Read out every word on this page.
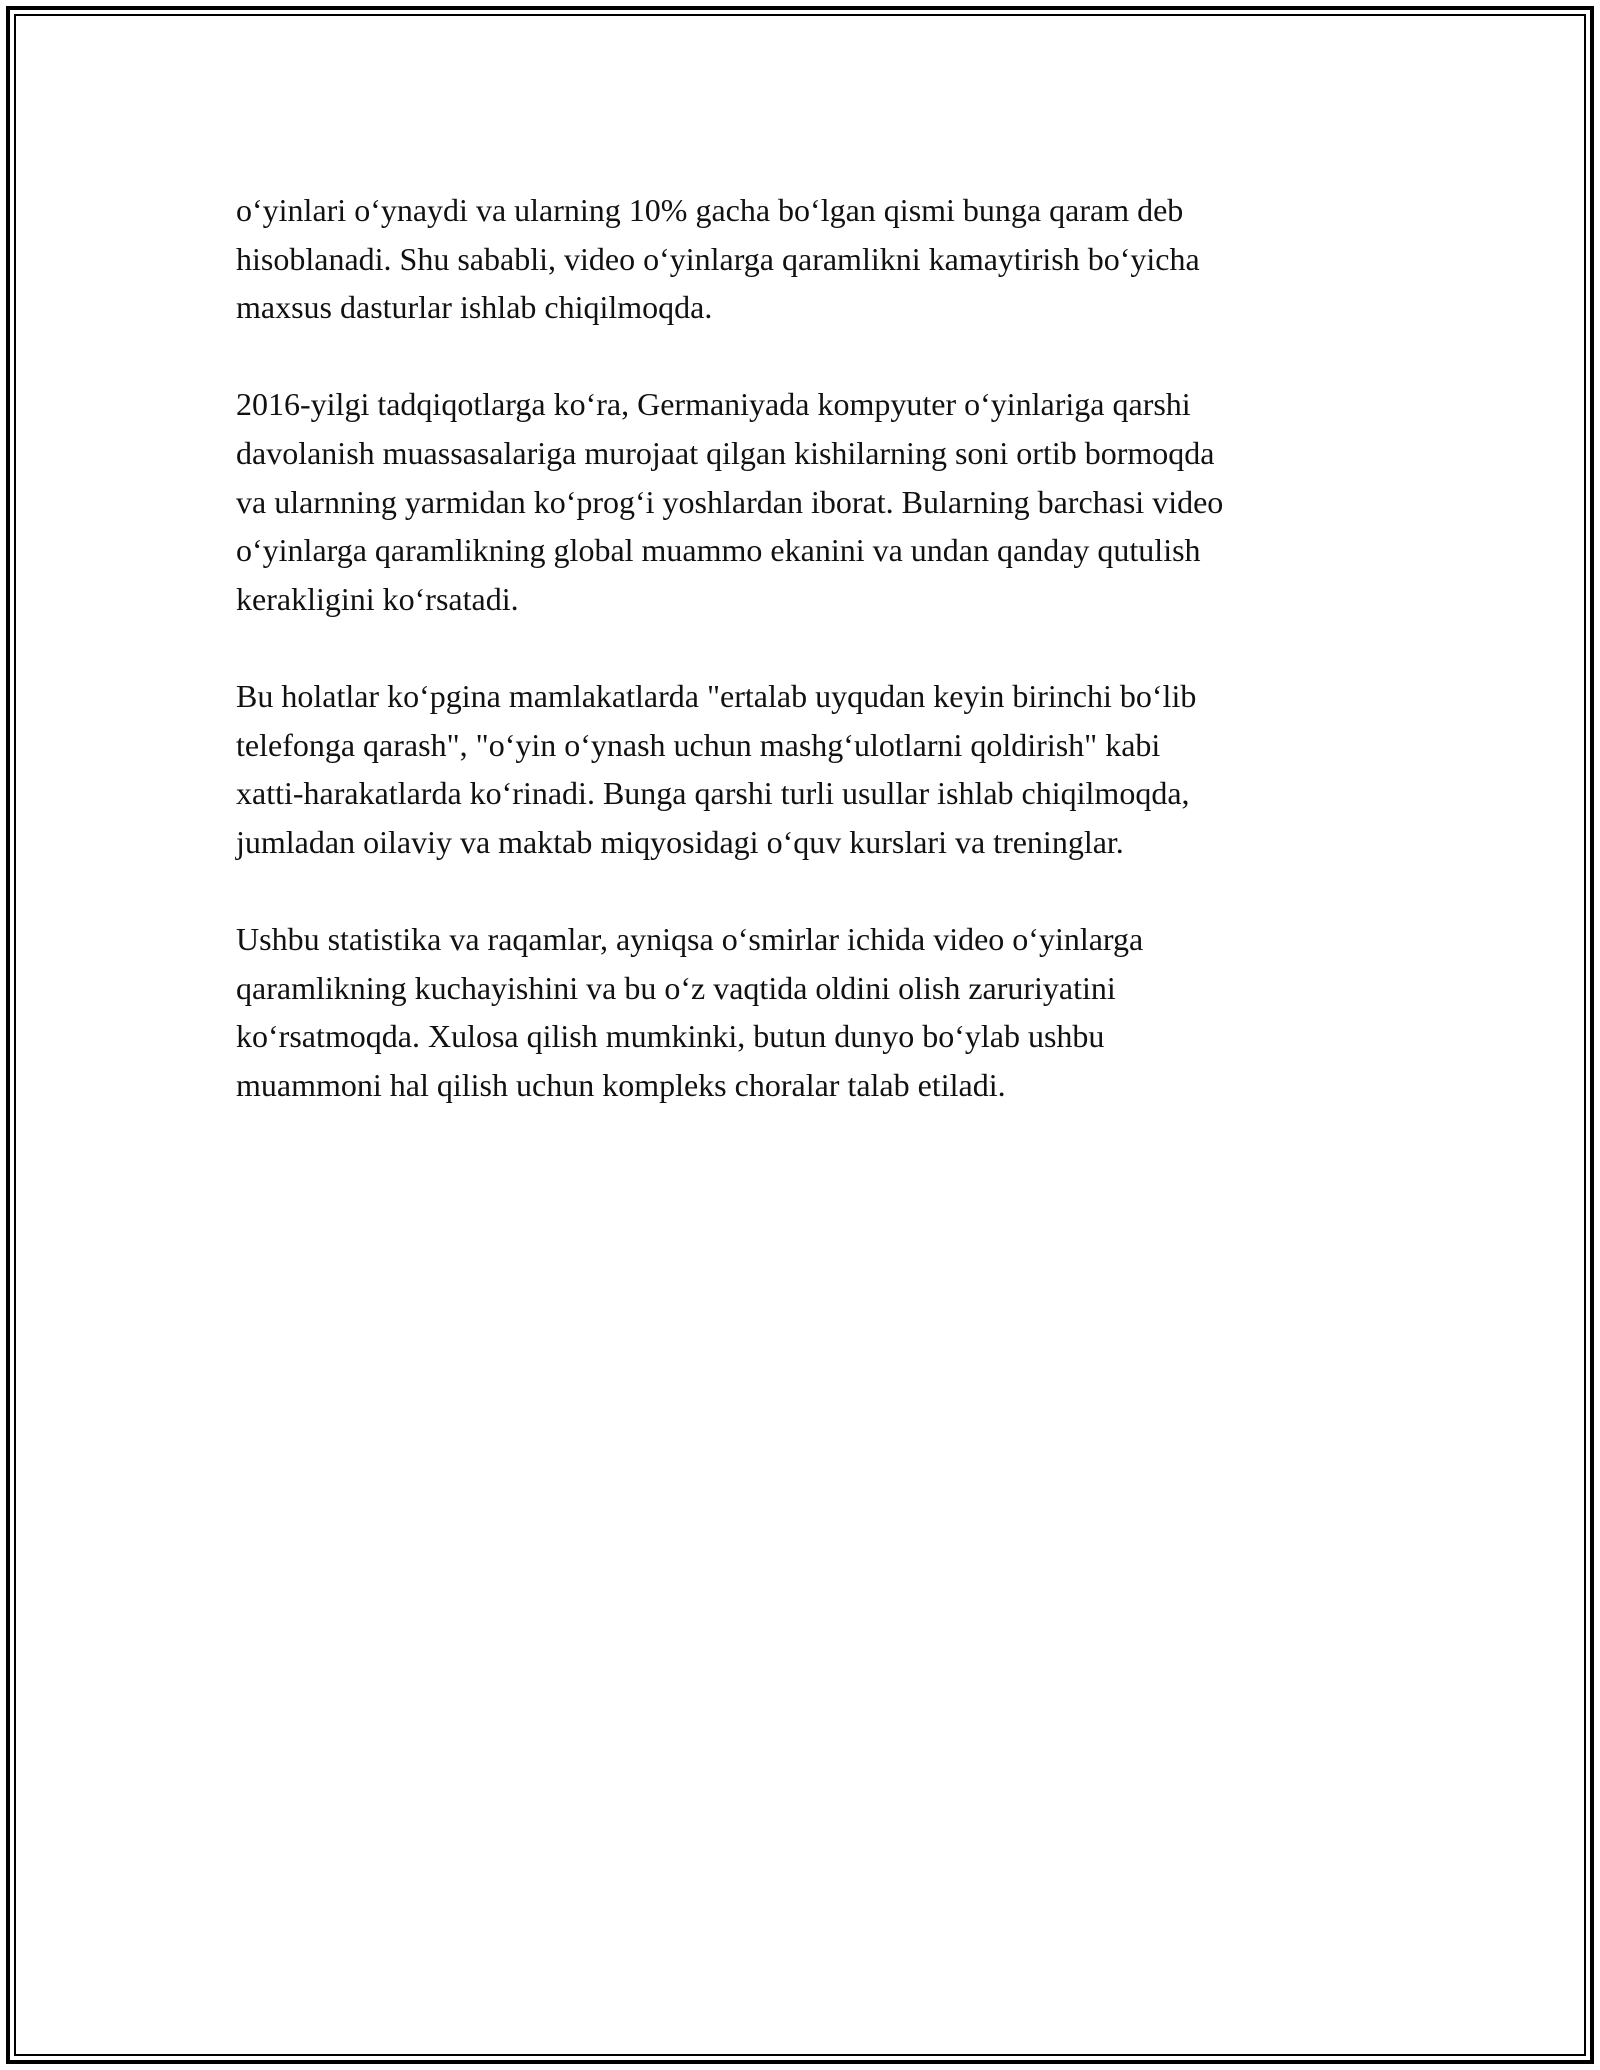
o‘yinlari o‘ynaydi va ularning 10% gacha bo‘lgan qismi bunga qaram deb
hisoblanadi. Shu sababli, video o‘yinlarga qaramlikni kamaytirish bo‘yicha
maxsus dasturlar ishlab chiqilmoqda.

2016-yilgi tadqiqotlarga ko‘ra, Germaniyada kompyuter o‘yinlariga qarshi
davolanish muassasalariga murojaat qilgan kishilarning soni ortib bormoqda
va ularnning yarmidan ko‘prog‘i yoshlardan iborat. Bularning barchasi video
o‘yinlarga qaramlikning global muammo ekanini va undan qanday qutulish
kerakligini ko‘rsatadi.

Bu holatlar ko‘pgina mamlakatlarda "ertalab uyqudan keyin birinchi bo‘lib
telefonga qarash", "o‘yin o‘ynash uchun mashg‘ulotlarni qoldirish" kabi
xatti-harakatlarda ko‘rinadi. Bunga qarshi turli usullar ishlab chiqilmoqda,
jumladan oilaviy va maktab miqyosidagi o‘quv kurslari va treninglar.

Ushbu statistika va raqamlar, ayniqsa o‘smirlar ichida video o‘yinlarga
qaramlikning kuchayishini va bu o‘z vaqtida oldini olish zaruriyatini
ko‘rsatmoqda. Xulosa qilish mumkinki, butun dunyo bo‘ylab ushbu
muammoni hal qilish uchun kompleks choralar talab etiladi.
